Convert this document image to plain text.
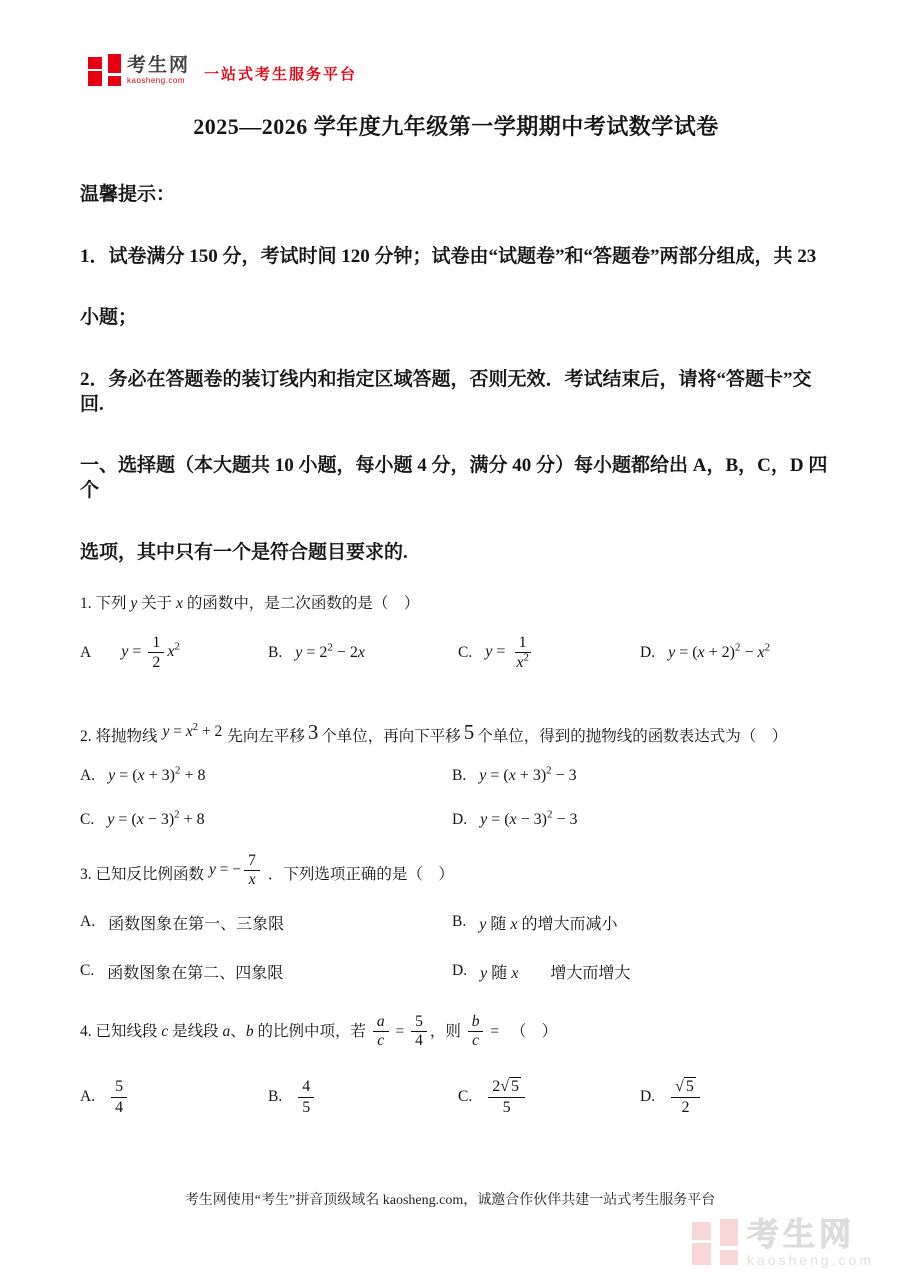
考生网
kaosheng.com	一站式考生服务平台
2025—2026 学年度九年级第一学期期中考试数学试卷

温馨提示：

1．试卷满分 150 分，考试时间 120 分钟；试卷由“试题卷”和“答题卷”两部分组成，共 23

小题；

2．务必在答题卷的装订线内和指定区域答题，否则无效．考试结束后，请将“答题卡”交回.

一、选择题（本大题共 10 小题，每小题 4 分，满分 40 分）每小题都给出 A，B，C，D 四个

选项，其中只有一个是符合题目要求的.

1. 下列 y 关于 x 的函数中，是二次函数的是（　）

A $y = \frac{1}{2} x^2$	B. $y = 2^2 - 2x$	C. $y = \frac{1}{x^2}$	D. $y = (x + 2)^2 - x^2$

2. 将抛物线 $y = x^2 + 2$ 先向左平移 3 个单位，再向下平移 5 个单位，得到的抛物线的函数表达式为（　）

A. $y = (x + 3)^2 + 8$	B. $y = (x + 3)^2 - 3$
C. $y = (x - 3)^2 + 8$	D. $y = (x - 3)^2 - 3$

3. 已知反比例函数 y = − $\frac{7}{x}$ ．下列选项正确的是（　）

A. 函数图象在第一、三象限	B. y 随 x 的增大而减小
C. 函数图象在第二、四象限	D. y 随 x　　增大而增大

4. 已知线段 c 是线段 a、b 的比例中项，若 $\frac{a}{c} = \frac{5}{4}$ ，则 $\frac{b}{c}$ = 　（　）

A. $\frac{5}{4}$	B. $\frac{4}{5}$	C. $\frac{2 √ 5}{5}$	D. $\frac{√ 5}{2}$

考生网使用“考生”拼音顶级域名 kaosheng.com，诚邀合作伙伴共建一站式考生服务平台

考生网
kaosheng.com
